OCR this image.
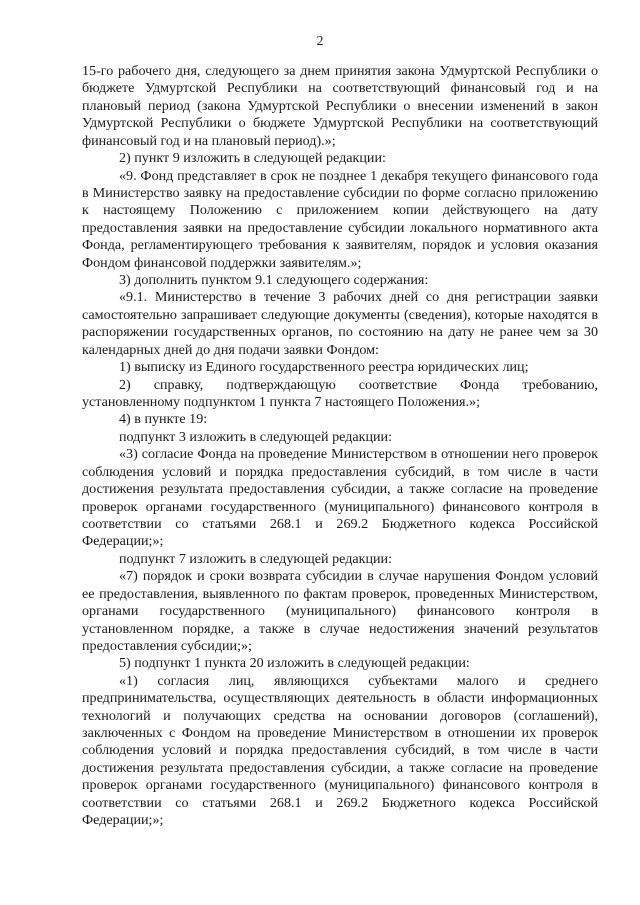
2

15-го рабочего дня, следующего за днем принятия закона Удмуртской Республики о бюджете Удмуртской Республики на соответствующий финансовый год и на плановый период (закона Удмуртской Республики о внесении изменений в закон Удмуртской Республики о бюджете Удмуртской Республики на соответствующий финансовый год и на плановый период).»;

2) пункт 9 изложить в следующей редакции:

«9. Фонд представляет в срок не позднее 1 декабря текущего финансового года в Министерство заявку на предоставление субсидии по форме согласно приложению к настоящему Положению с приложением копии действующего на дату предоставления заявки на предоставление субсидии локального нормативного акта Фонда, регламентирующего требования к заявителям, порядок и условия оказания Фондом финансовой поддержки заявителям.»;

3) дополнить пунктом 9.1 следующего содержания:

«9.1. Министерство в течение 3 рабочих дней со дня регистрации заявки самостоятельно запрашивает следующие документы (сведения), которые находятся в распоряжении государственных органов, по состоянию на дату не ранее чем за 30 календарных дней до дня подачи заявки Фондом:

1) выписку из Единого государственного реестра юридических лиц;

2) справку, подтверждающую соответствие Фонда требованию, установленному подпунктом 1 пункта 7 настоящего Положения.»;

4) в пункте 19:

подпункт 3 изложить в следующей редакции:

«3) согласие Фонда на проведение Министерством в отношении него проверок соблюдения условий и порядка предоставления субсидий, в том числе в части достижения результата предоставления субсидии, а также согласие на проведение проверок органами государственного (муниципального) финансового контроля в соответствии со статьями 268.1 и 269.2 Бюджетного кодекса Российской Федерации;»;

подпункт 7 изложить в следующей редакции:

«7) порядок и сроки возврата субсидии в случае нарушения Фондом условий ее предоставления, выявленного по фактам проверок, проведенных Министерством, органами государственного (муниципального) финансового контроля в установленном порядке, а также в случае недостижения значений результатов предоставления субсидии;»;

5) подпункт 1 пункта 20 изложить в следующей редакции:

«1) согласия лиц, являющихся субъектами малого и среднего предпринимательства, осуществляющих деятельность в области информационных технологий и получающих средства на основании договоров (соглашений), заключенных с Фондом на проведение Министерством в отношении их проверок соблюдения условий и порядка предоставления субсидий, в том числе в части достижения результата предоставления субсидии, а также согласие на проведение проверок органами государственного (муниципального) финансового контроля в соответствии со статьями 268.1 и 269.2 Бюджетного кодекса Российской Федерации;»;
